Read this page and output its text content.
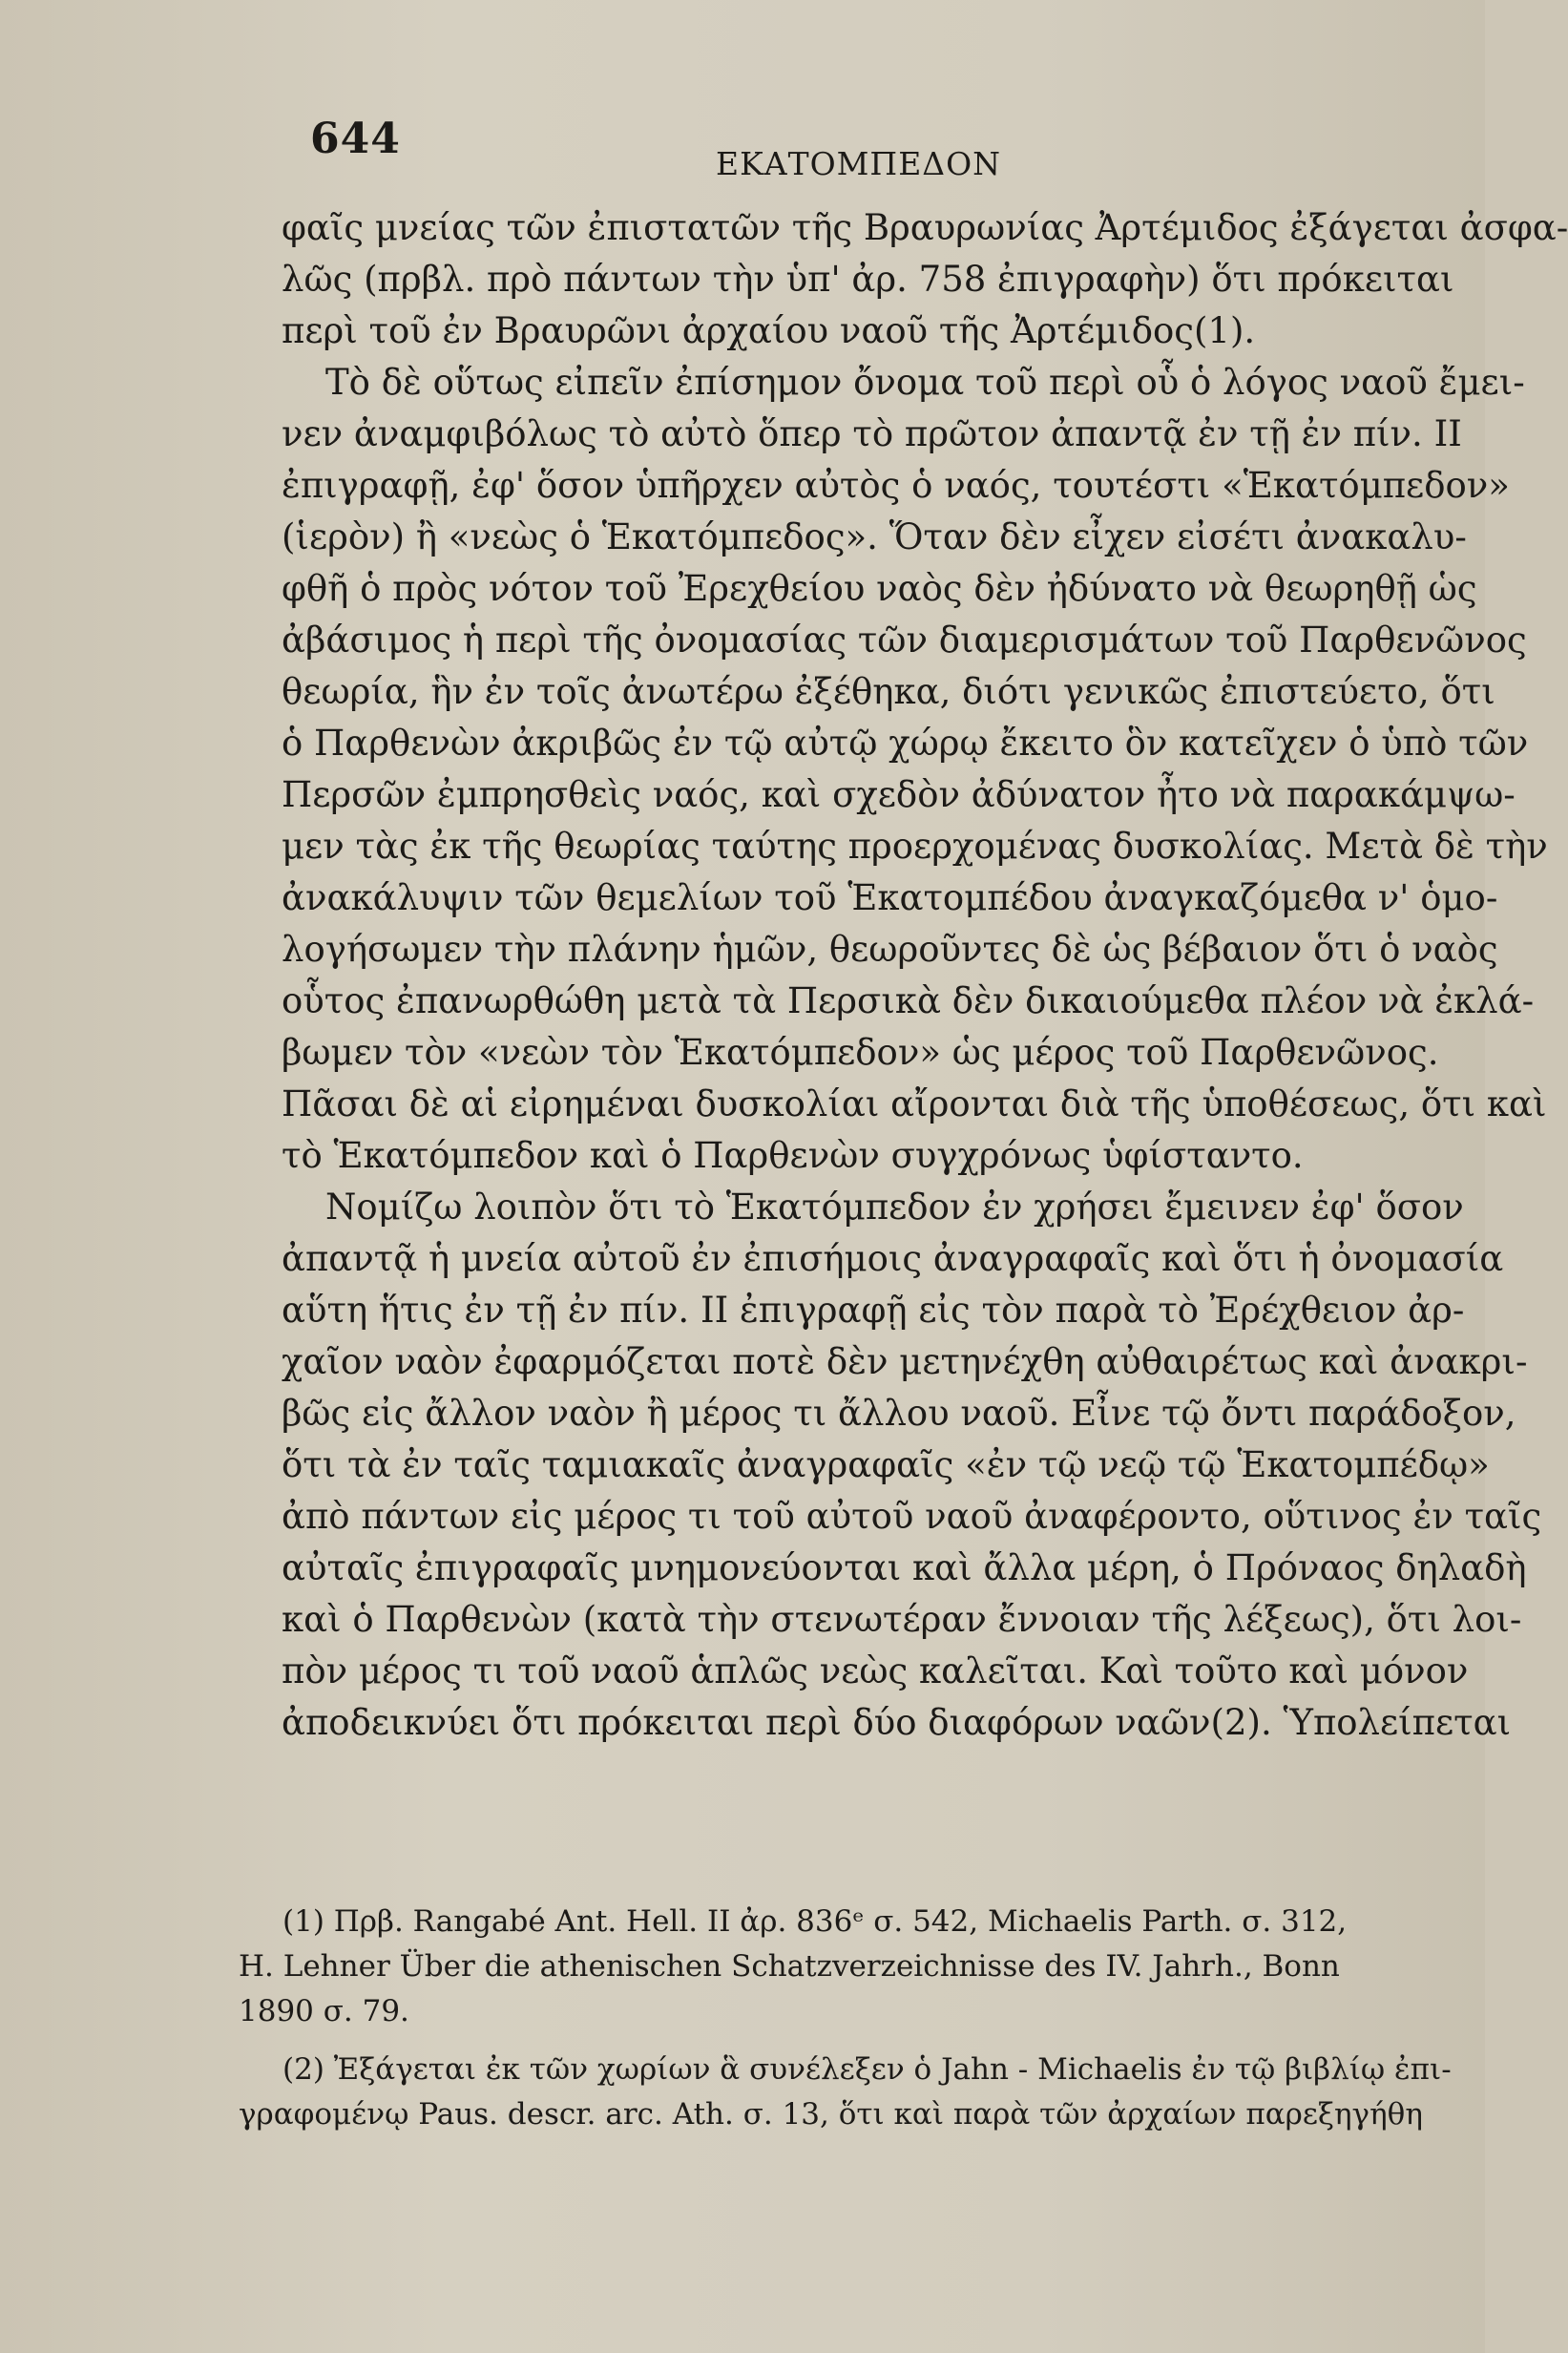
644
ΕΚΑΤΟΜΠΕΔΟΝ
φαῖς μνείας τῶν ἐπιστατῶν τῆς Βραυρωνίας Ἀρτέμιδος ἐξάγεται ἀσφα-
λῶς (πρβλ. πρὸ πάντων τὴν ὑπ' ἀρ. 758 ἐπιγραφὴν) ὅτι πρόκειται
περὶ τοῦ ἐν Βραυρῶνι ἀρχαίου ναοῦ τῆς Ἀρτέμιδος(1).
Τὸ δὲ οὕτως εἰπεῖν ἐπίσημον ὄνομα τοῦ περὶ οὗ ὁ λόγος ναοῦ ἔμει-
νεν ἀναμφιβόλως τὸ αὐτὸ ὅπερ τὸ πρῶτον ἀπαντᾷ ἐν τῇ ἐν πίν. II
ἐπιγραφῇ, ἐφ' ὅσον ὑπῆρχεν αὐτὸς ὁ ναός, τουτέστι «Ἑκατόμπεδον»
(ἱερὸν) ἢ «νεὼς ὁ Ἑκατόμπεδος». Ὅταν δὲν εἶχεν εἰσέτι ἀνακαλυ-
φθῆ ὁ πρὸς νότον τοῦ Ἐρεχθείου ναὸς δὲν ἠδύνατο νὰ θεωρηθῇ ὡς
ἀβάσιμος ἡ περὶ τῆς ὀνομασίας τῶν διαμερισμάτων τοῦ Παρθενῶνος
θεωρία, ἣν ἐν τοῖς ἀνωτέρω ἐξέθηκα, διότι γενικῶς ἐπιστεύετο, ὅτι
ὁ Παρθενὼν ἀκριβῶς ἐν τῷ αὐτῷ χώρῳ ἔκειτο ὃν κατεῖχεν ὁ ὑπὸ τῶν
Περσῶν ἐμπρησθεὶς ναός, καὶ σχεδὸν ἀδύνατον ἦτο νὰ παρακάμψω-
μεν τὰς ἐκ τῆς θεωρίας ταύτης προερχομένας δυσκολίας. Μετὰ δὲ τὴν
ἀνακάλυψιν τῶν θεμελίων τοῦ Ἑκατομπέδου ἀναγκαζόμεθα ν' ὁμο-
λογήσωμεν τὴν πλάνην ἡμῶν, θεωροῦντες δὲ ὡς βέβαιον ὅτι ὁ ναὸς
οὗτος ἐπανωρθώθη μετὰ τὰ Περσικὰ δὲν δικαιούμεθα πλέον νὰ ἐκλά-
βωμεν τὸν «νεὼν τὸν Ἑκατόμπεδον» ὡς μέρος τοῦ Παρθενῶνος.
Πᾶσαι δὲ αἱ εἰρημέναι δυσκολίαι αἴρονται διὰ τῆς ὑποθέσεως, ὅτι καὶ
τὸ Ἑκατόμπεδον καὶ ὁ Παρθενὼν συγχρόνως ὑφίσταντο.
Νομίζω λοιπὸν ὅτι τὸ Ἑκατόμπεδον ἐν χρήσει ἔμεινεν ἐφ' ὅσον
ἀπαντᾷ ἡ μνεία αὐτοῦ ἐν ἐπισήμοις ἀναγραφαῖς καὶ ὅτι ἡ ὀνομασία
αὕτη ἥτις ἐν τῇ ἐν πίν. II ἐπιγραφῇ εἰς τὸν παρὰ τὸ Ἐρέχθειον ἀρ-
χαῖον ναὸν ἐφαρμόζεται ποτὲ δὲν μετηνέχθη αὐθαιρέτως καὶ ἀνακρι-
βῶς εἰς ἄλλον ναὸν ἢ μέρος τι ἄλλου ναοῦ. Εἶνε τῷ ὄντι παράδοξον,
ὅτι τὰ ἐν ταῖς ταμιακαῖς ἀναγραφαῖς «ἐν τῷ νεῷ τῷ Ἑκατομπέδῳ»
ἀπὸ πάντων εἰς μέρος τι τοῦ αὐτοῦ ναοῦ ἀναφέροντο, οὕτινος ἐν ταῖς
αὐταῖς ἐπιγραφαῖς μνημονεύονται καὶ ἄλλα μέρη, ὁ Πρόναος δηλαδὴ
καὶ ὁ Παρθενὼν (κατὰ τὴν στενωτέραν ἔννοιαν τῆς λέξεως), ὅτι λοι-
πὸν μέρος τι τοῦ ναοῦ ἁπλῶς νεὼς καλεῖται. Καὶ τοῦτο καὶ μόνον
ἀποδεικνύει ὅτι πρόκειται περὶ δύο διαφόρων ναῶν(2). Ὑπολείπεται
(1) Πρβ. Rangabé Ant. Hell. II ἀρ. 836ᵉ σ. 542, Michaelis Parth. σ. 312,
H. Lehner Über die athenischen Schatzverzeichnisse des IV. Jahrh., Bonn
1890 σ. 79.
(2) Ἐξάγεται ἐκ τῶν χωρίων ἃ συνέλεξεν ὁ Jahn - Michaelis ἐν τῷ βιβλίῳ ἐπι-
γραφομένῳ Paus. descr. arc. Ath. σ. 13, ὅτι καὶ παρὰ τῶν ἀρχαίων παρεξηγήθη
